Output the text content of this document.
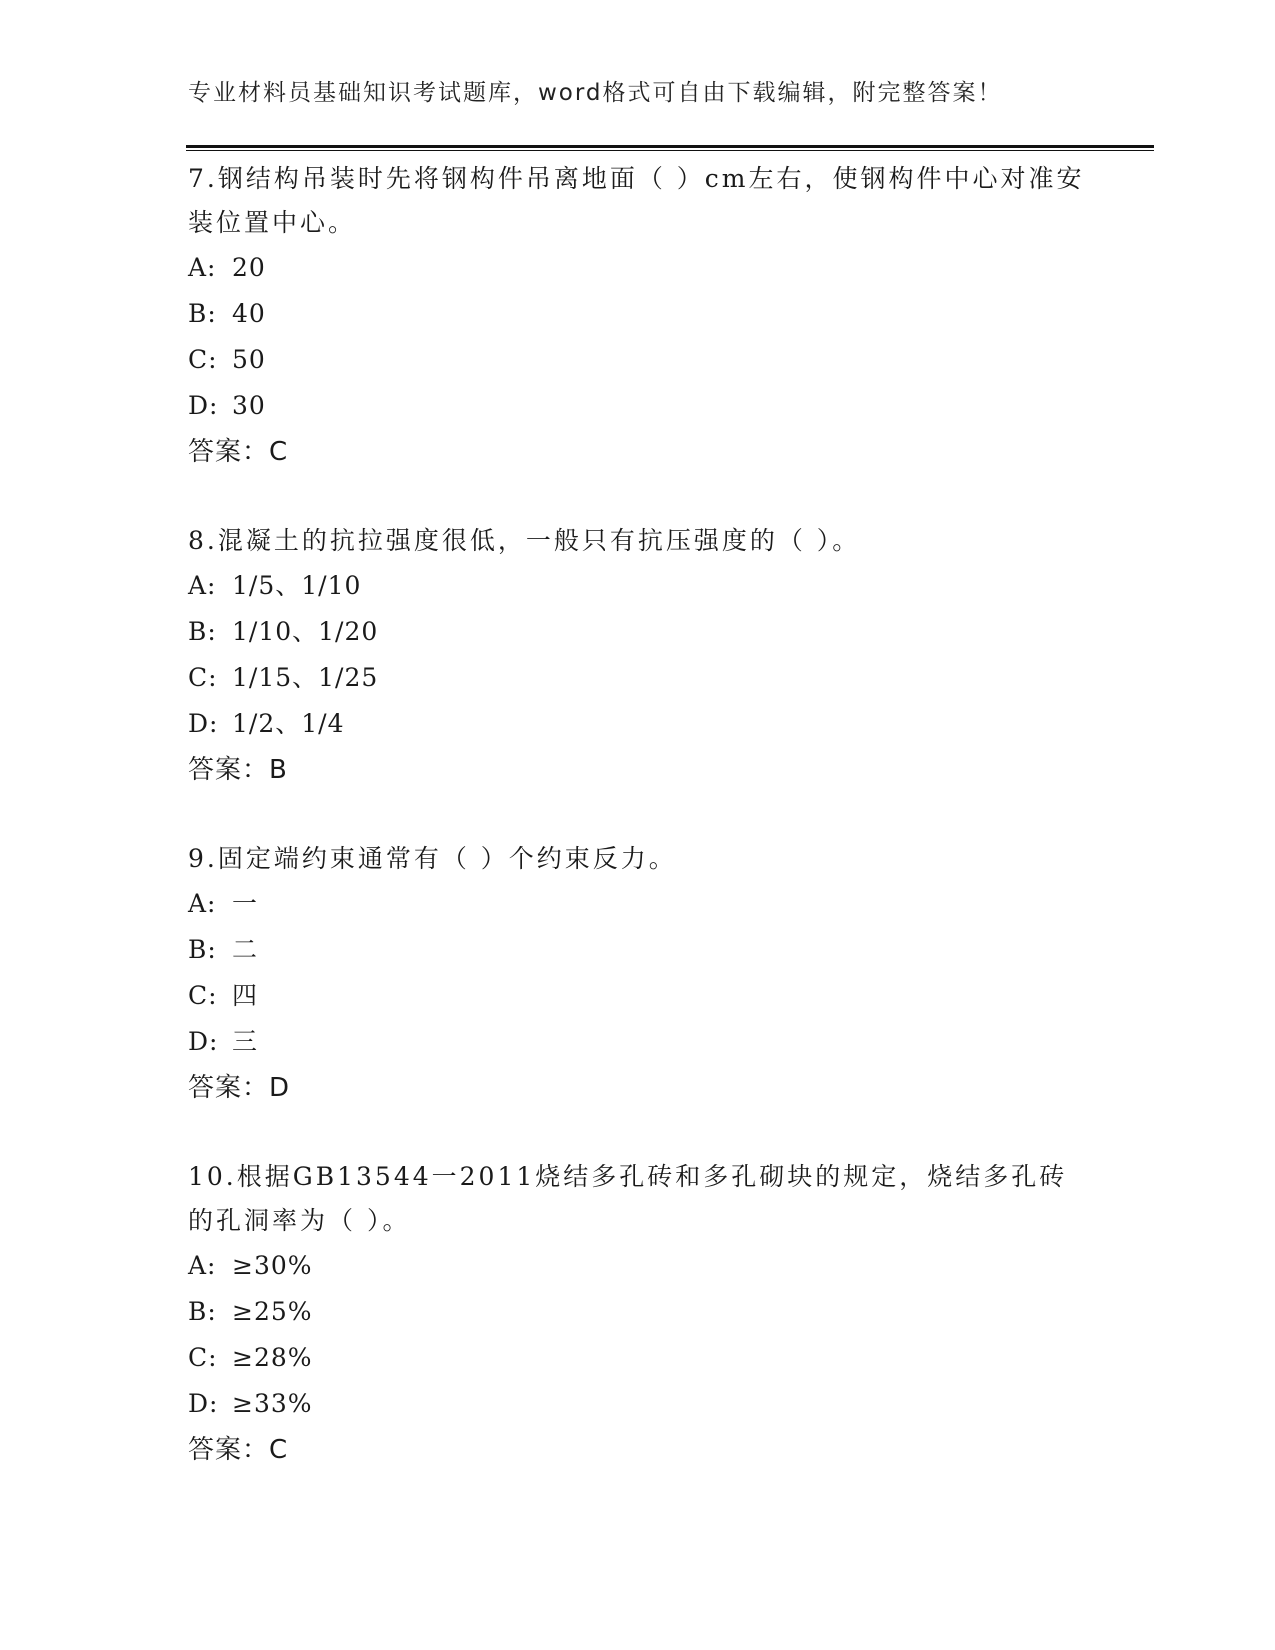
专业材料员基础知识考试题库，word格式可自由下载编辑，附完整答案！

7.钢结构吊装时先将钢构件吊离地面（ ）cm左右，使钢构件中心对准安装位置中心。

A: 20
B: 40
C: 50
D: 30
答案：C

8.混凝土的抗拉强度很低，一般只有抗压强度的（ ）。

A: 1/5、1/10
B: 1/10、1/20
C: 1/15、1/25
D: 1/2、1/4
答案：B

9.固定端约束通常有（ ）个约束反力。

A: 一
B: 二
C: 四
D: 三
答案：D

10.根据GB13544一2011烧结多孔砖和多孔砌块的规定，烧结多孔砖的孔洞率为（ ）。

A: ≥30%
B: ≥25%
C: ≥28%
D: ≥33%
答案：C
